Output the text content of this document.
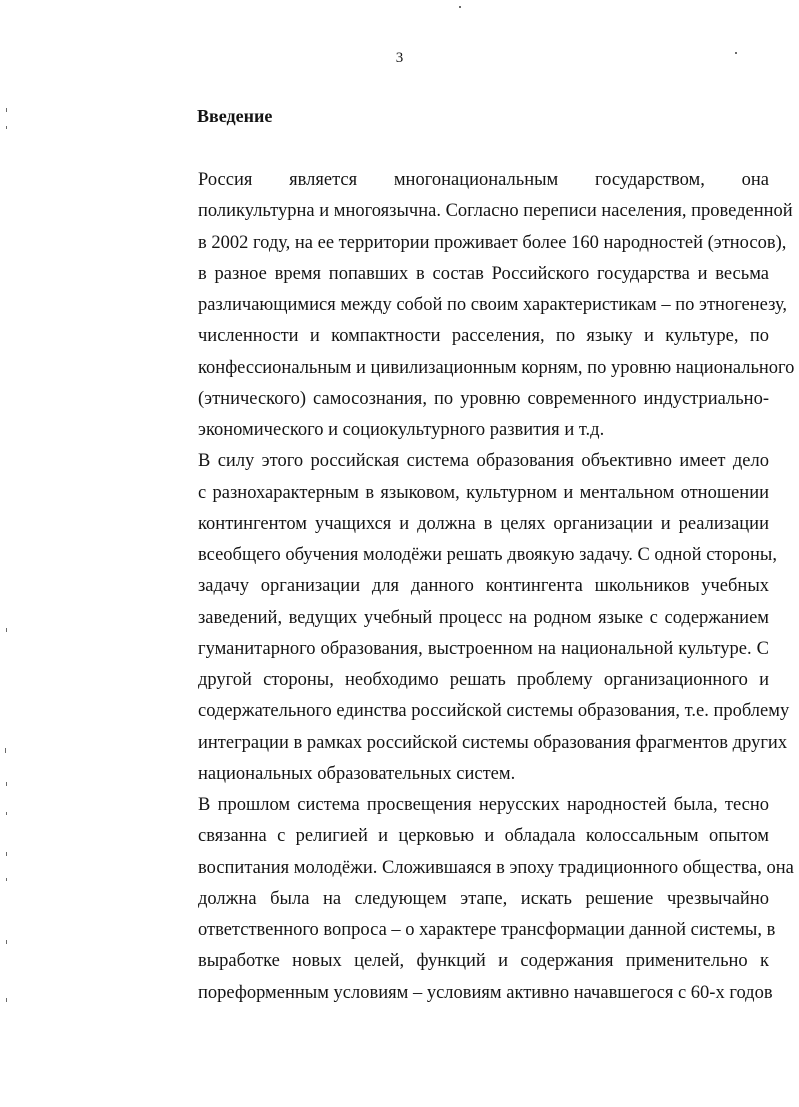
3
Введение

Россия является многонациональным государством, она
поликультурна и многоязычна. Согласно переписи населения, проведенной
в 2002 году, на ее территории проживает более 160 народностей (этносов),
в разное время попавших в состав Российского государства и весьма
различающимися между собой по своим характеристикам – по этногенезу,
численности и компактности расселения, по языку и культуре, по
конфессиональным и цивилизационным корням, по уровню национального
(этнического) самосознания, по уровню современного индустриально-
экономического и социокультурного развития и т.д.

В силу этого российская система образования объективно имеет дело
с разнохарактерным в языковом, культурном и ментальном отношении
контингентом учащихся и должна в целях организации и реализации
всеобщего обучения молодёжи решать двоякую задачу. С одной стороны,
задачу организации для данного контингента школьников учебных
заведений, ведущих учебный процесс на родном языке с содержанием
гуманитарного образования, выстроенном на национальной культуре. С
другой стороны, необходимо решать проблему организационного и
содержательного единства российской системы образования, т.е. проблему
интеграции в рамках российской системы образования фрагментов других
национальных образовательных систем.

В прошлом система просвещения нерусских народностей была, тесно
связанна с религией и церковью и обладала колоссальным опытом
воспитания молодёжи. Сложившаяся в эпоху традиционного общества, она
должна была на следующем этапе, искать решение чрезвычайно
ответственного вопроса – о характере трансформации данной системы, в
выработке новых целей, функций и содержания применительно к
пореформенным условиям – условиям активно начавшегося с 60-х годов
